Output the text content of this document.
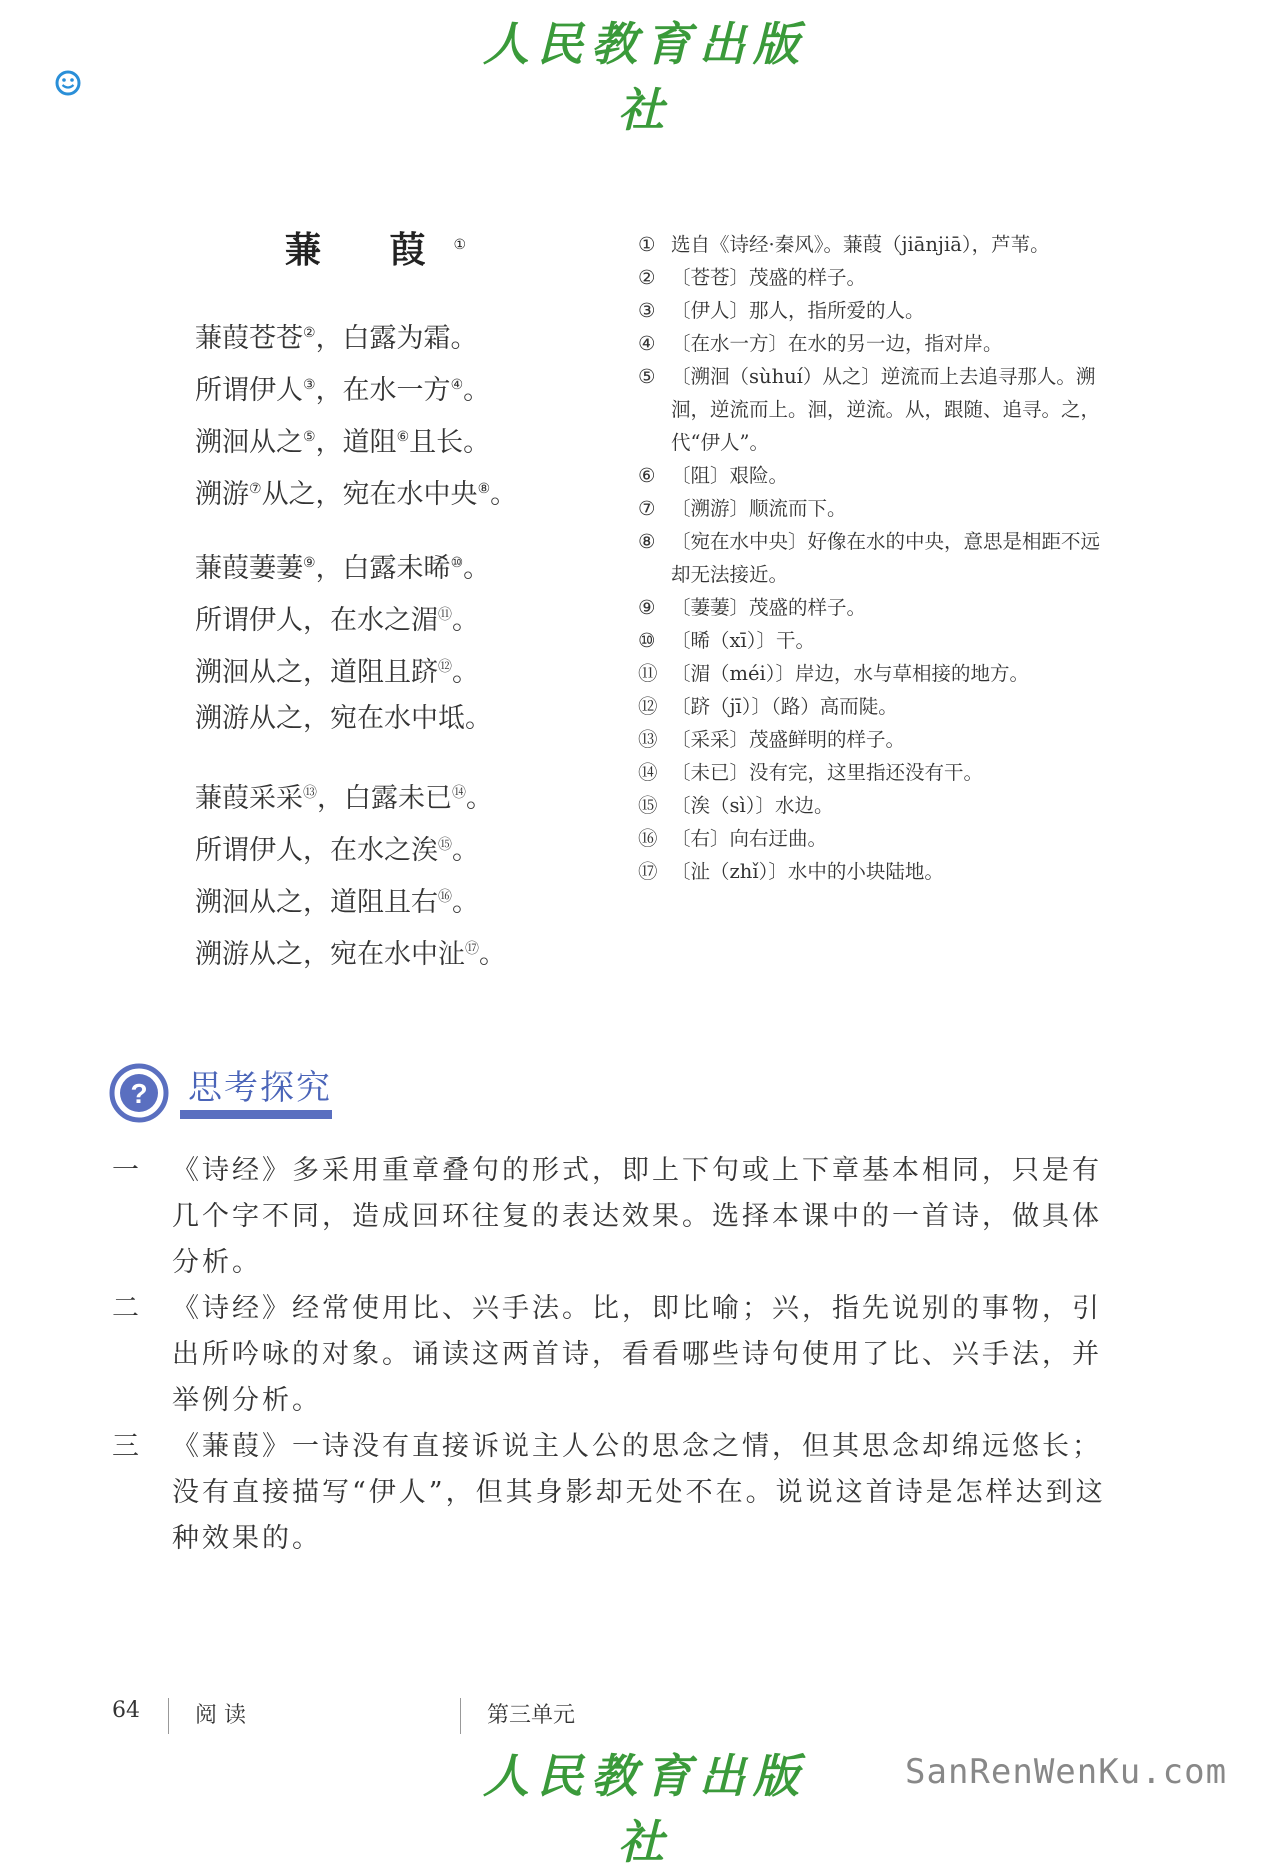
人民教育出版社
蒹 葭①
蒹葭苍苍②，白露为霜。
所谓伊人③，在水一方④。
溯洄从之⑤，道阻⑥且长。
溯游⑦从之，宛在水中央⑧。
蒹葭萋萋⑨，白露未晞⑩。
所谓伊人，在水之湄⑪。
溯洄从之，道阻且跻⑫。
溯游从之，宛在水中坻。
蒹葭采采⑬，白露未已⑭。
所谓伊人，在水之涘⑮。
溯洄从之，道阻且右⑯。
溯游从之，宛在水中沚⑰。
① 选自《诗经·秦风》。蒹葭（jiānjiā），芦苇。
② 〔苍苍〕茂盛的样子。
③ 〔伊人〕那人，指所爱的人。
④ 〔在水一方〕在水的另一边，指对岸。
⑤ 〔溯洄（sùhuí）从之〕逆流而上去追寻那人。溯洄，逆流而上。洄，逆流。从，跟随、追寻。之，代“伊人”。
⑥ 〔阻〕艰险。
⑦ 〔溯游〕顺流而下。
⑧ 〔宛在水中央〕好像在水的中央，意思是相距不远却无法接近。
⑨ 〔萋萋〕茂盛的样子。
⑩ 〔晞（xī）〕干。
⑪ 〔湄（méi）〕岸边，水与草相接的地方。
⑫ 〔跻（jī）〕（路）高而陡。
⑬ 〔采采〕茂盛鲜明的样子。
⑭ 〔未已〕没有完，这里指还没有干。
⑮ 〔涘（sì）〕水边。
⑯ 〔右〕向右迂曲。
⑰ 〔沚（zhǐ）〕水中的小块陆地。
? 思考探究
一	《诗经》多采用重章叠句的形式，即上下句或上下章基本相同，只是有几个字不同，造成回环往复的表达效果。选择本课中的一首诗，做具体分析。
二	《诗经》经常使用比、兴手法。比，即比喻；兴，指先说别的事物，引出所吟咏的对象。诵读这两首诗，看看哪些诗句使用了比、兴手法，并举例分析。
三	《蒹葭》一诗没有直接诉说主人公的思念之情，但其思念却绵远悠长；没有直接描写“伊人”，但其身影却无处不在。说说这首诗是怎样达到这种效果的。
64	阅 读	第三单元
人民教育出版社
SanRenWenKu.com
